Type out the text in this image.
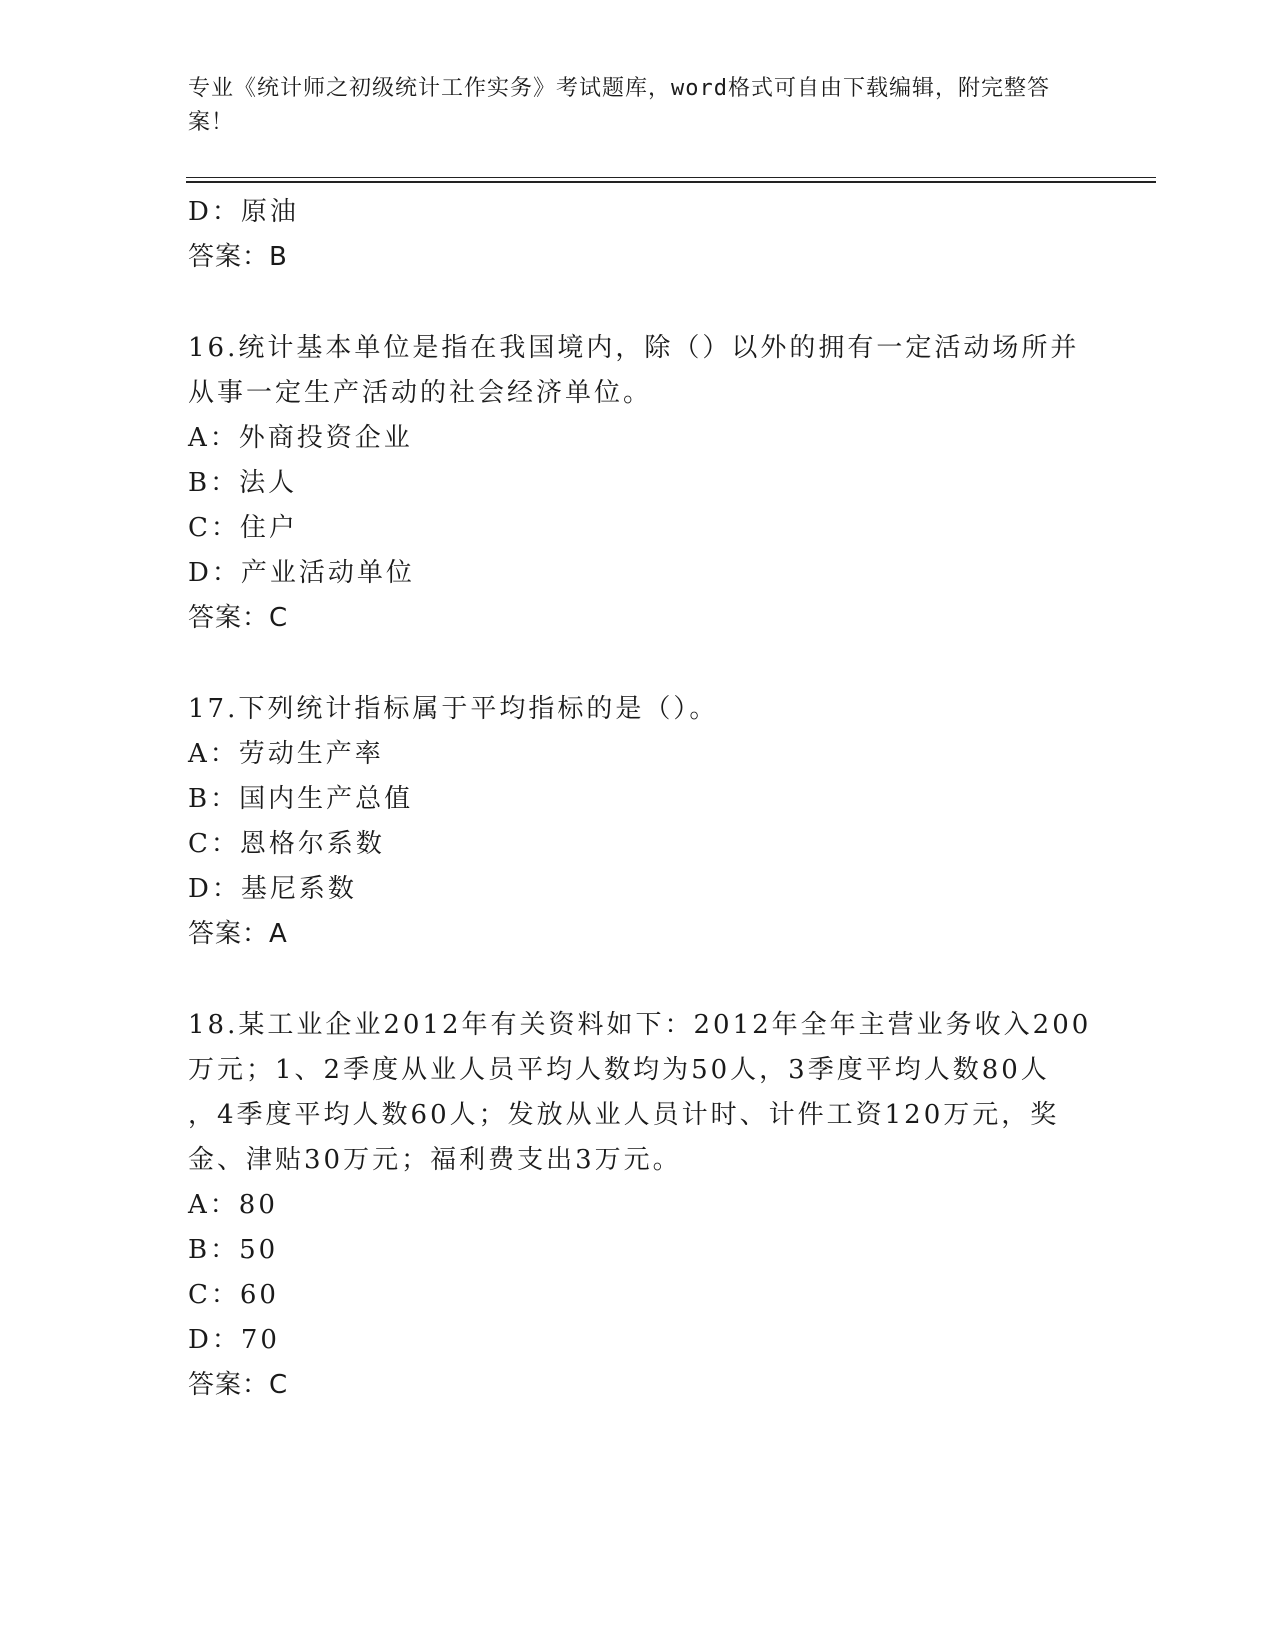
专业《统计师之初级统计工作实务》考试题库，word格式可自由下载编辑，附完整答案！
D：原油
答案：B
16.统计基本单位是指在我国境内，除（）以外的拥有一定活动场所并
从事一定生产活动的社会经济单位。
A：外商投资企业
B：法人
C：住户
D：产业活动单位
答案：C
17.下列统计指标属于平均指标的是（）。
A：劳动生产率
B：国内生产总值
C：恩格尔系数
D：基尼系数
答案：A
18.某工业企业2012年有关资料如下：2012年全年主营业务收入200
万元；1、2季度从业人员平均人数均为50人，3季度平均人数80人
，4季度平均人数60人；发放从业人员计时、计件工资120万元，奖
金、津贴30万元；福利费支出3万元。
A：80
B：50
C：60
D：70
答案：C
